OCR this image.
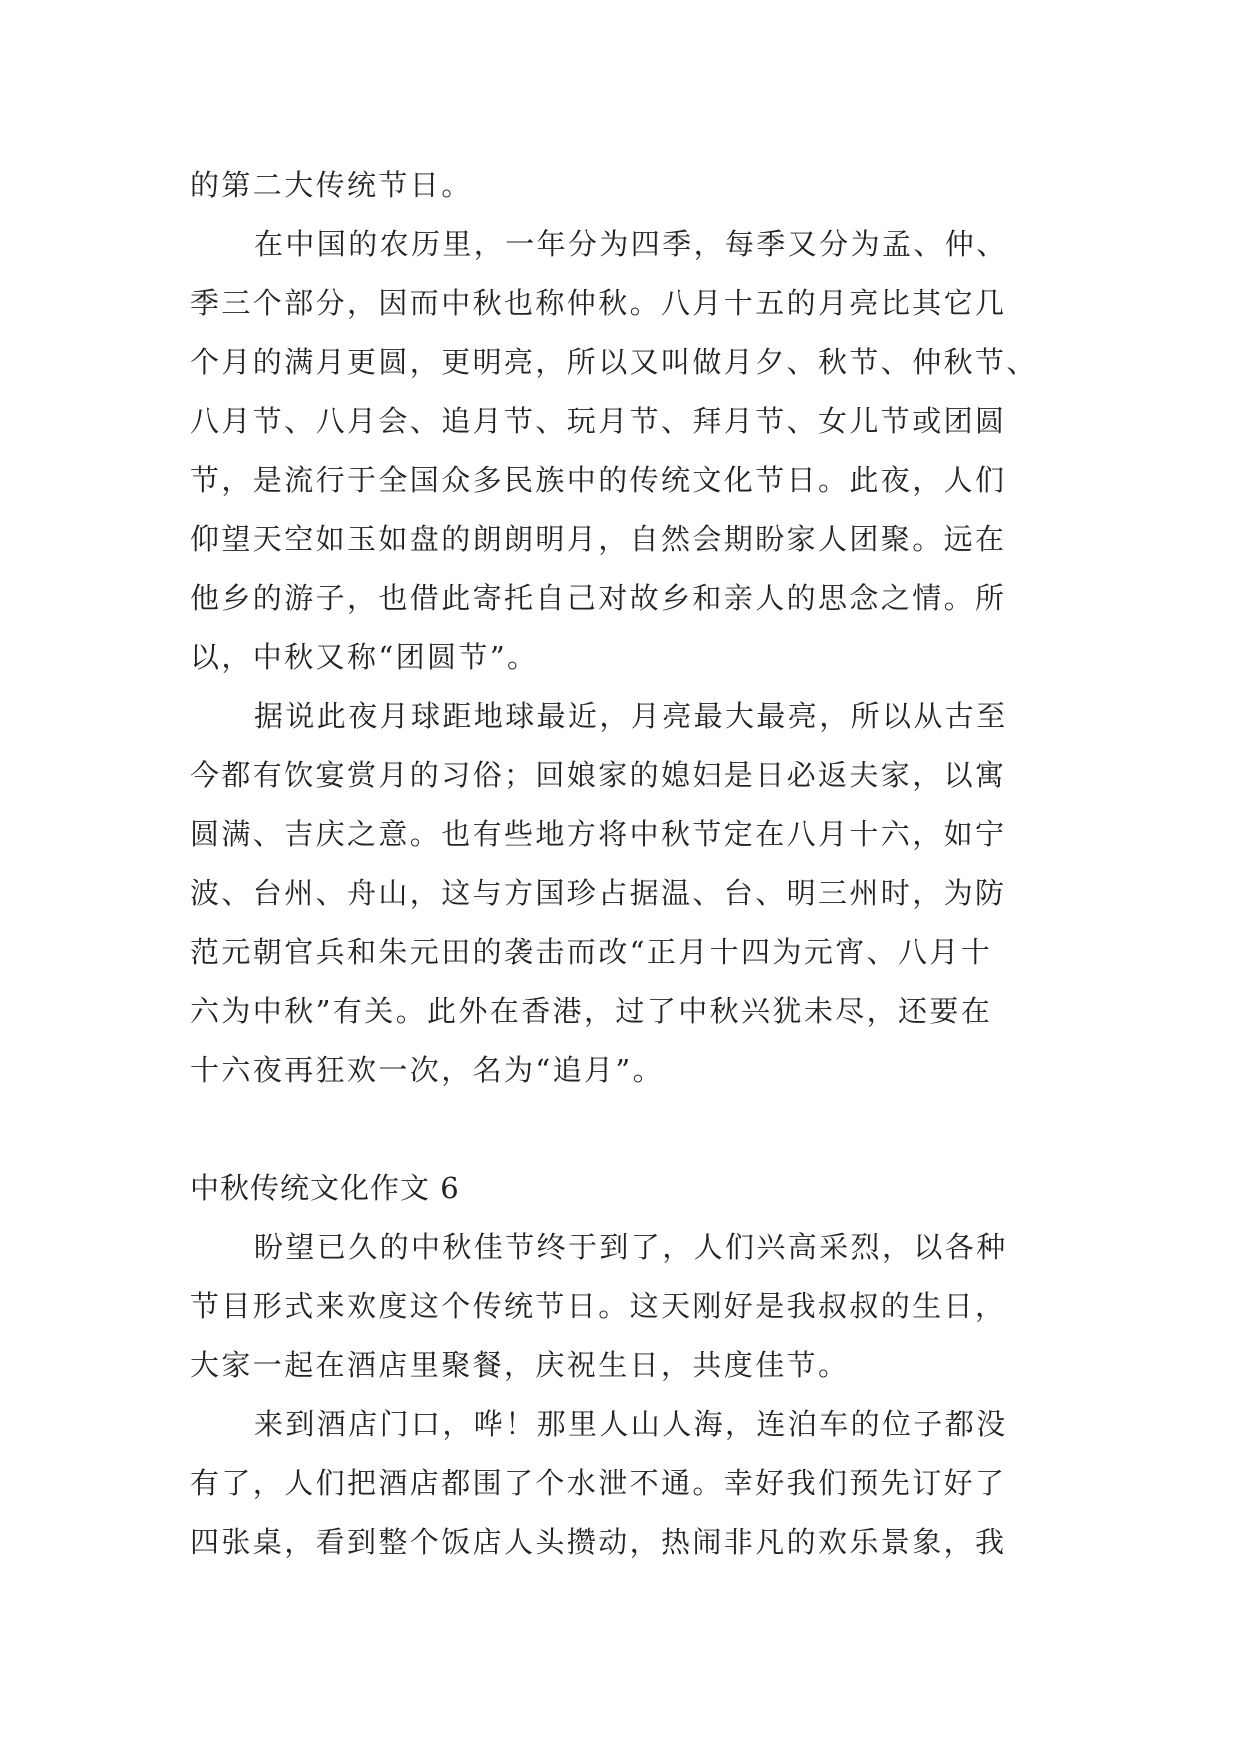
的第二大传统节日。
在中国的农历里，一年分为四季，每季又分为孟、仲、
季三个部分，因而中秋也称仲秋。八月十五的月亮比其它几
个月的满月更圆，更明亮，所以又叫做月夕、秋节、仲秋节、
八月节、八月会、追月节、玩月节、拜月节、女儿节或团圆
节，是流行于全国众多民族中的传统文化节日。此夜，人们
仰望天空如玉如盘的朗朗明月，自然会期盼家人团聚。远在
他乡的游子，也借此寄托自己对故乡和亲人的思念之情。所
以，中秋又称“团圆节”。
据说此夜月球距地球最近，月亮最大最亮，所以从古至
今都有饮宴赏月的习俗；回娘家的媳妇是日必返夫家，以寓
圆满、吉庆之意。也有些地方将中秋节定在八月十六，如宁
波、台州、舟山，这与方国珍占据温、台、明三州时，为防
范元朝官兵和朱元田的袭击而改“正月十四为元宵、八月十
六为中秋”有关。此外在香港，过了中秋兴犹未尽，还要在
十六夜再狂欢一次，名为“追月”。
中秋传统文化作文 6
盼望已久的中秋佳节终于到了，人们兴高采烈，以各种
节目形式来欢度这个传统节日。这天刚好是我叔叔的生日，
大家一起在酒店里聚餐，庆祝生日，共度佳节。
来到酒店门口，哗！那里人山人海，连泊车的位子都没
有了，人们把酒店都围了个水泄不通。幸好我们预先订好了
四张桌，看到整个饭店人头攒动，热闹非凡的欢乐景象，我
